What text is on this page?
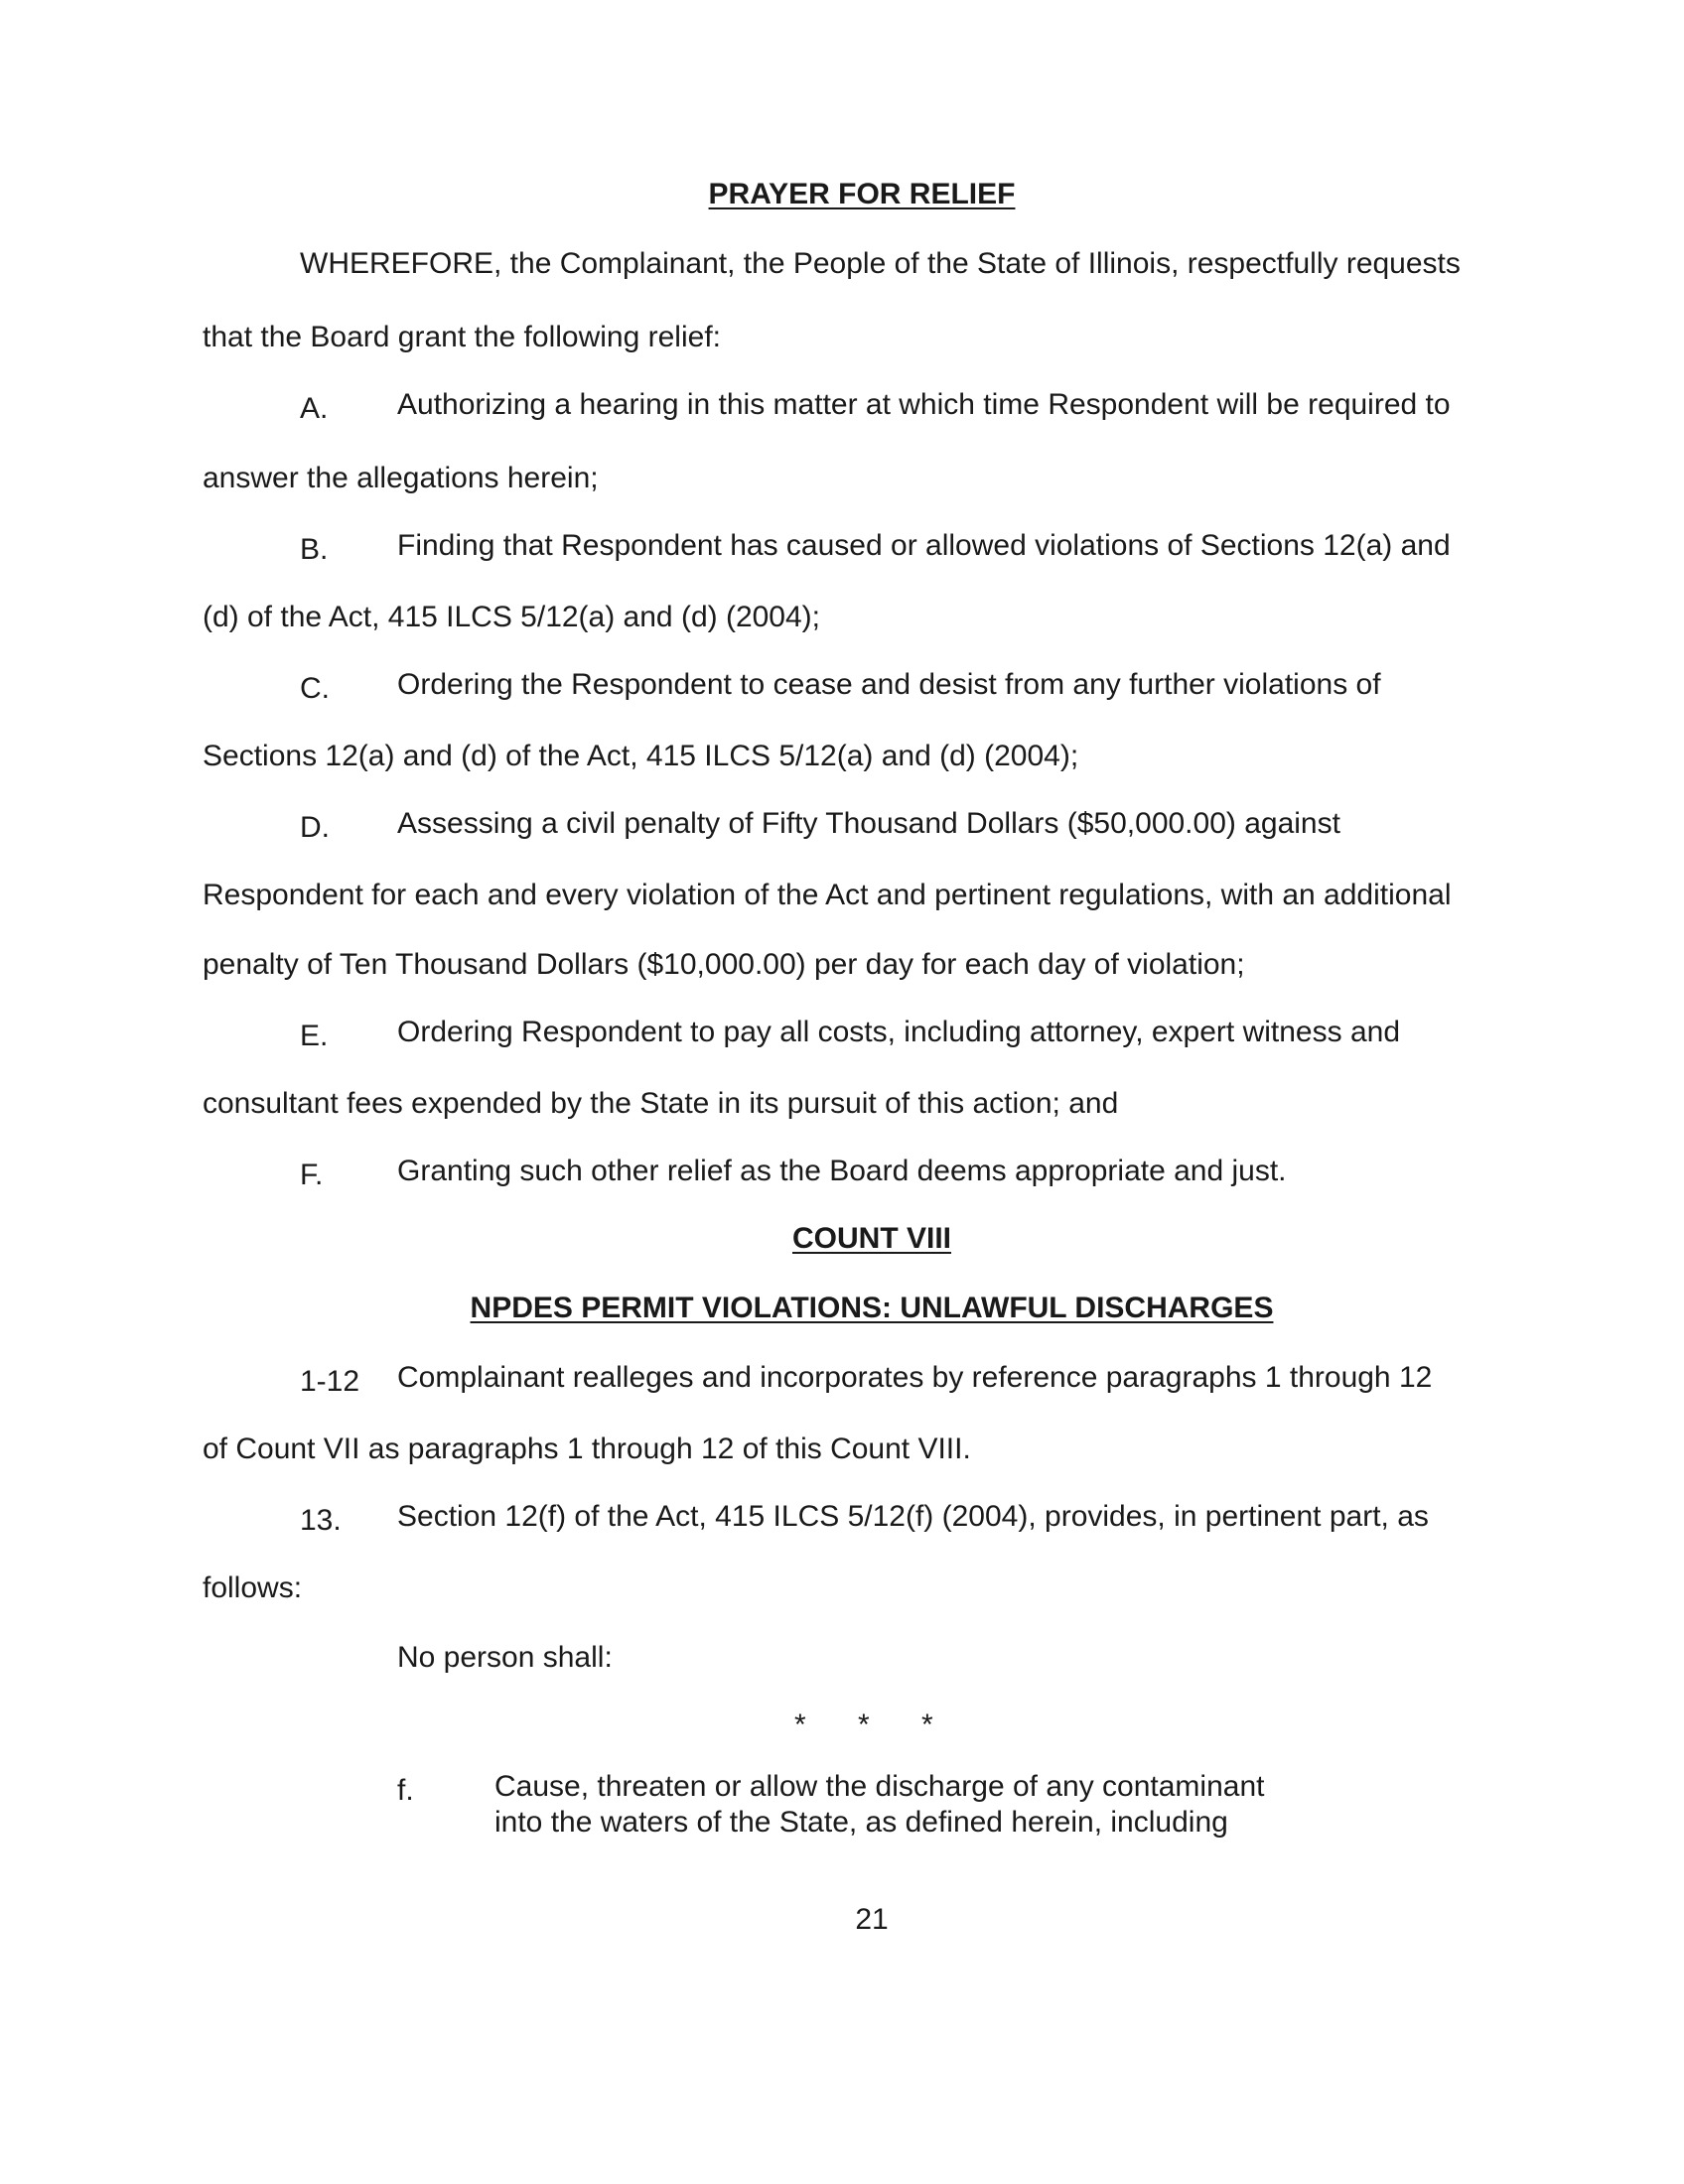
PRAYER FOR RELIEF
WHEREFORE, the Complainant, the People of the State of Illinois, respectfully requests
that the Board grant the following relief:
A. Authorizing a hearing in this matter at which time Respondent will be required to
answer the allegations herein;
B. Finding that Respondent has caused or allowed violations of Sections 12(a) and
(d) of the Act, 415 ILCS 5/12(a) and (d) (2004);
C. Ordering the Respondent to cease and desist from any further violations of
Sections 12(a) and (d) of the Act, 415 ILCS 5/12(a) and (d) (2004);
D. Assessing a civil penalty of Fifty Thousand Dollars ($50,000.00) against
Respondent for each and every violation of the Act and pertinent regulations, with an additional
penalty of Ten Thousand Dollars ($10,000.00) per day for each day of violation;
E. Ordering Respondent to pay all costs, including attorney, expert witness and
consultant fees expended by the State in its pursuit of this action; and
F. Granting such other relief as the Board deems appropriate and just.
COUNT VIII
NPDES PERMIT VIOLATIONS: UNLAWFUL DISCHARGES
1-12 Complainant realleges and incorporates by reference paragraphs 1 through 12
of Count VII as paragraphs 1 through 12 of this Count VIII.
13. Section 12(f) of the Act, 415 ILCS 5/12(f) (2004), provides, in pertinent part, as
follows:
No person shall:
* * *
f.	Cause, threaten or allow the discharge of any contaminant
into the waters of the State, as defined herein, including
21
